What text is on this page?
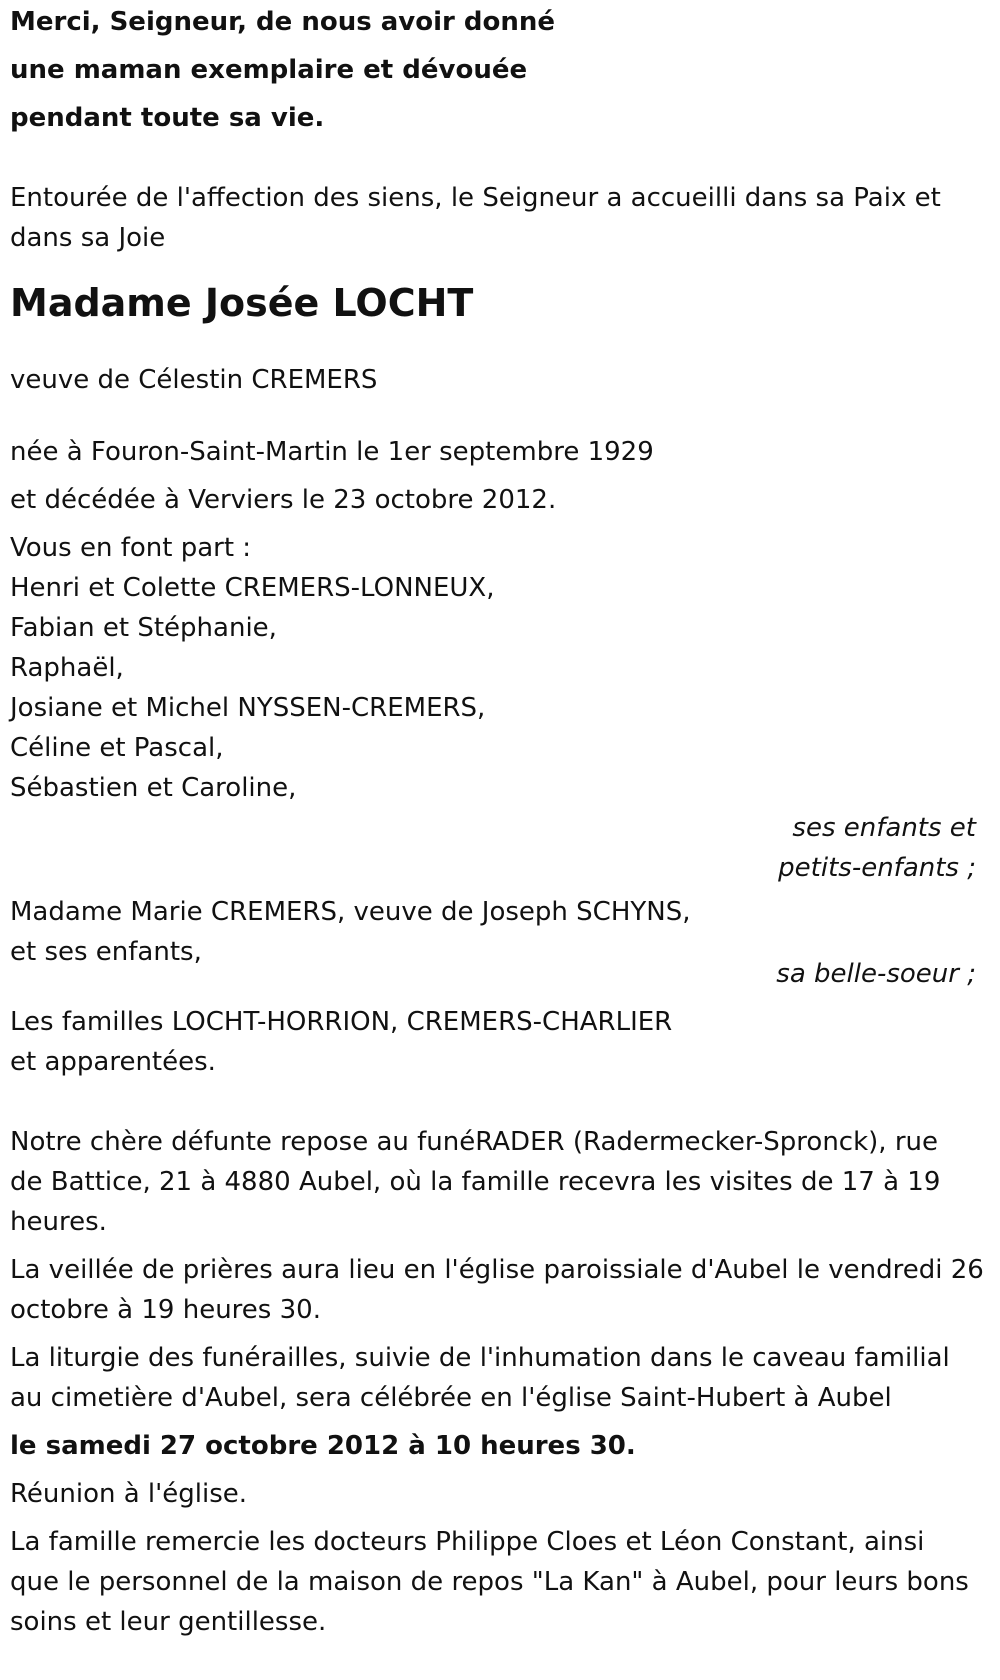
Merci, Seigneur, de nous avoir donné
une maman exemplaire et dévouée
pendant toute sa vie.
Entourée de l'affection des siens, le Seigneur a accueilli dans sa Paix et
dans sa Joie
Madame Josée LOCHT
veuve de Célestin CREMERS
née à Fouron-Saint-Martin le 1er septembre 1929
et décédée à Verviers le 23 octobre 2012.
Vous en font part :
Henri et Colette CREMERS-LONNEUX,
Fabian et Stéphanie,
Raphaël,
Josiane et Michel NYSSEN-CREMERS,
Céline et Pascal,
Sébastien et Caroline,
ses enfants et
petits-enfants ;
Madame Marie CREMERS, veuve de Joseph SCHYNS,
et ses enfants,
sa belle-soeur ;
Les familles LOCHT-HORRION, CREMERS-CHARLIER
et apparentées.
Notre chère défunte repose au funéRADER (Radermecker-Spronck), rue
de Battice, 21 à 4880 Aubel, où la famille recevra les visites de 17 à 19
heures.
La veillée de prières aura lieu en l'église paroissiale d'Aubel le vendredi 26
octobre à 19 heures 30.
La liturgie des funérailles, suivie de l'inhumation dans le caveau familial
au cimetière d'Aubel, sera célébrée en l'église Saint-Hubert à Aubel
le samedi 27 octobre 2012 à 10 heures 30.
Réunion à l'église.
La famille remercie les docteurs Philippe Cloes et Léon Constant, ainsi
que le personnel de la maison de repos "La Kan" à Aubel, pour leurs bons
soins et leur gentillesse.
